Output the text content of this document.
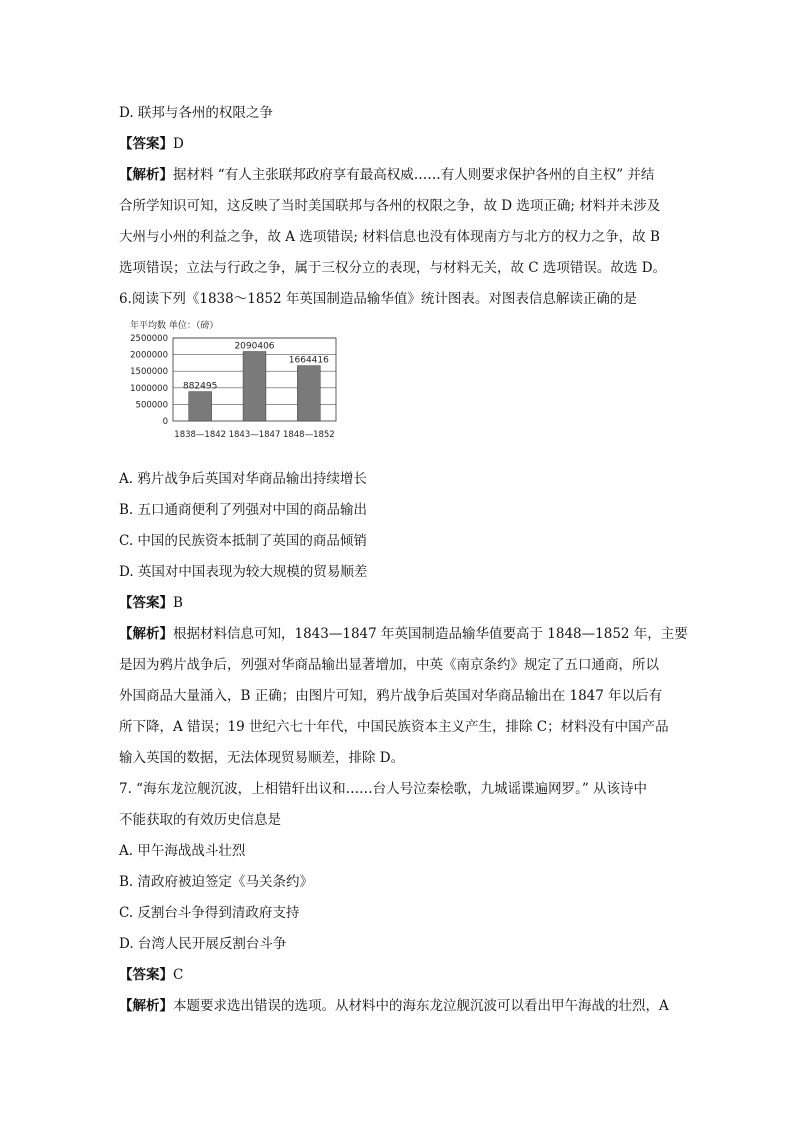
D. 联邦与各州的权限之争
【答案】D
【解析】据材料 “有人主张联邦政府享有最高权威……有人则要求保护各州的自主权” 并结
合所学知识可知，这反映了当时美国联邦与各州的权限之争，故 D 选项正确; 材料并未涉及
大州与小州的利益之争，故 A 选项错误; 材料信息也没有体现南方与北方的权力之争，故 B
选项错误；立法与行政之争，属于三权分立的表现，与材料无关，故 C 选项错误。故选 D。
6.阅读下列《1838～1852 年英国制造品输华值》统计图表。对图表信息解读正确的是
年平均数 单位：（磅）
0
500000
1000000
1500000
2000000
2500000
882495
1838—1842
2090406
1843—1847
1664416
1848—1852
A. 鸦片战争后英国对华商品输出持续增长
B. 五口通商便利了列强对中国的商品输出
C. 中国的民族资本抵制了英国的商品倾销
D. 英国对中国表现为较大规模的贸易顺差
【答案】B
【解析】根据材料信息可知，1843—1847 年英国制造品输华值要高于 1848—1852 年，主要
是因为鸦片战争后，列强对华商品输出显著增加，中英《南京条约》规定了五口通商，所以
外国商品大量涌入，B 正确；由图片可知，鸦片战争后英国对华商品输出在 1847 年以后有
所下降，A 错误；19 世纪六七十年代，中国民族资本主义产生，排除 C；材料没有中国产品
输入英国的数据，无法体现贸易顺差，排除 D。
7. “海东龙泣舰沉波，上相错轩出议和……台人号泣秦桧歌，九城谣谍遍网罗。” 从该诗中
不能获取的有效历史信息是
A. 甲午海战战斗壮烈
B. 清政府被迫签定《马关条约》
C. 反割台斗争得到清政府支持
D. 台湾人民开展反割台斗争
【答案】C
【解析】本题要求选出错误的选项。从材料中的海东龙泣舰沉波可以看出甲午海战的壮烈，A
